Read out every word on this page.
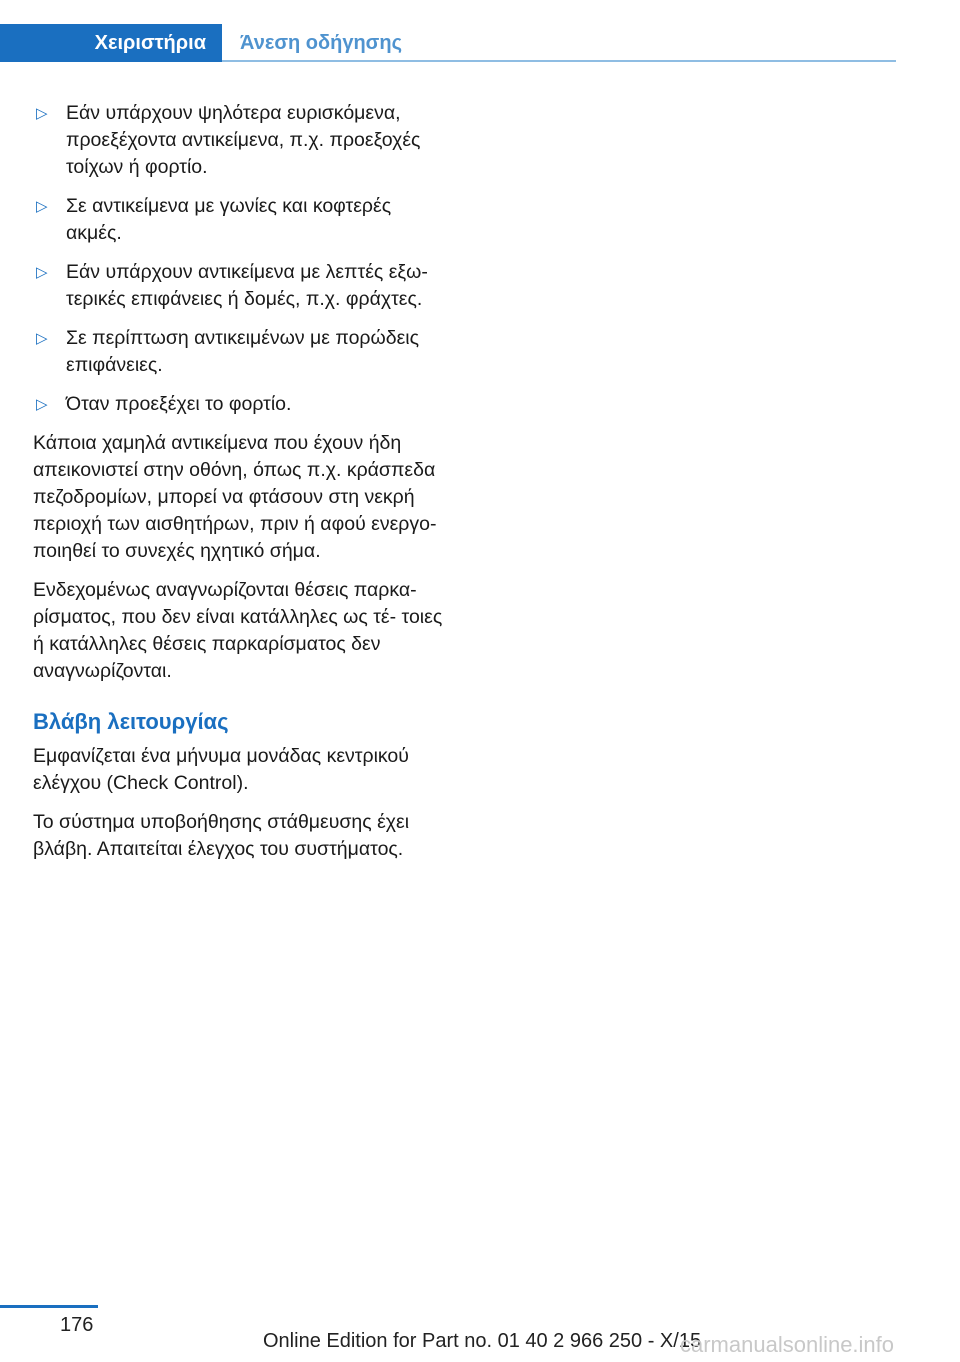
Χειριστήρια	Άνεση οδήγησης
▷ Εάν υπάρχουν ψηλότερα ευρισκόμενα, προεξέχοντα αντικείμενα, π.χ. προεξοχές τοίχων ή φορτίο.
▷ Σε αντικείμενα με γωνίες και κοφτερές ακμές.
▷ Εάν υπάρχουν αντικείμενα με λεπτές εξω‑ τερικές επιφάνειες ή δομές, π.χ. φράχτες.
▷ Σε περίπτωση αντικειμένων με πορώδεις επιφάνειες.
▷ Όταν προεξέχει το φορτίο.

Κάποια χαμηλά αντικείμενα που έχουν ήδη απεικονιστεί στην οθόνη, όπως π.χ. κράσπεδα πεζοδρομίων, μπορεί να φτάσουν στη νεκρή περιοχή των αισθητήρων, πριν ή αφού ενεργο‑ ποιηθεί το συνεχές ηχητικό σήμα.

Ενδεχομένως αναγνωρίζονται θέσεις παρκα‑ ρίσματος, που δεν είναι κατάλληλες ως τέ‑ τοιες ή κατάλληλες θέσεις παρκαρίσματος δεν αναγνωρίζονται.

Βλάβη λειτουργίας

Εμφανίζεται ένα μήνυμα μονάδας κεντρικού ελέγχου (Check Control).

Το σύστημα υποβοήθησης στάθμευσης έχει βλάβη. Απαιτείται έλεγχος του συστήματος.

176
Online Edition for Part no. 01 40 2 966 250 - X/15
carmanualsonline.info
